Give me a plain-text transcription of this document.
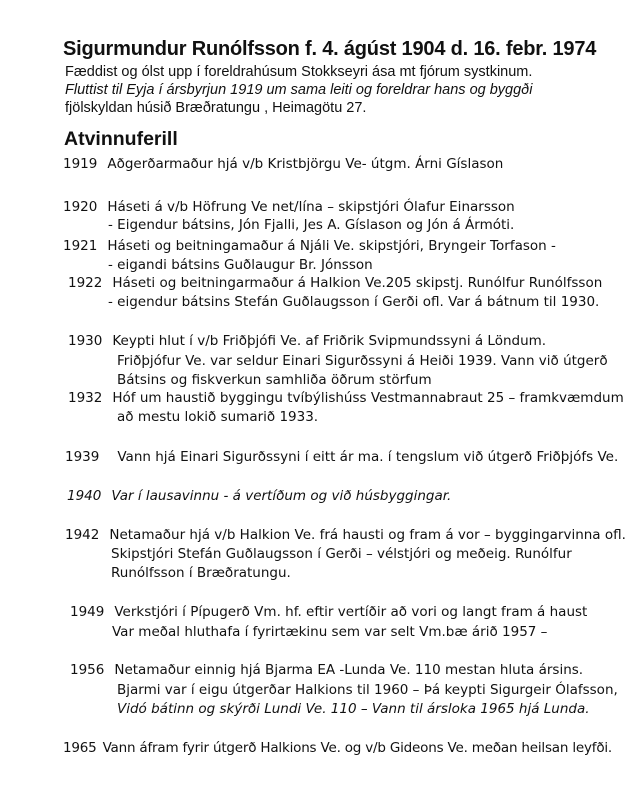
Sigurmundur Runólfsson f. 4. ágúst 1904 d. 16. febr. 1974
Fæddist og ólst upp í foreldrahúsum Stokkseyri ása mt fjórum systkinum.
Fluttist til Eyja í ársbyrjun 1919 um sama leiti og foreldrar hans og byggði
fjölskyldan húsið Bræðratungu , Heimagötu 27.
Atvinnuferill
1919 Aðgerðarmaður hjá v/b Kristbjörgu Ve- útgm. Árni Gíslason
1920 Háseti á v/b Höfrung Ve net/lína – skipstjóri Ólafur Einarsson
- Eigendur bátsins, Jón Fjalli, Jes A. Gíslason og Jón á Ármóti.
1921 Háseti og beitningamaður á Njáli Ve. skipstjóri, Bryngeir Torfason -
- eigandi bátsins Guðlaugur Br. Jónsson
1922 Háseti og beitningarmaður á Halkion Ve.205 skipstj. Runólfur Runólfsson
- eigendur bátsins Stefán Guðlaugsson í Gerði ofl. Var á bátnum til 1930.
1930 Keypti hlut í v/b Friðþjófi Ve. af Friðrik Svipmundssyni á Löndum.
Friðþjófur Ve. var seldur Einari Sigurðssyni á Heiði 1939. Vann við útgerð
Bátsins og fiskverkun samhliða öðrum störfum
1932 Hóf um haustið byggingu tvíbýlishúss Vestmannabraut 25 – framkvæmdum
að mestu lokið sumarið 1933.
1939 Vann hjá Einari Sigurðssyni í eitt ár ma. í tengslum við útgerð Friðþjófs Ve.
1940 Var í lausavinnu - á vertíðum og við húsbyggingar.
1942 Netamaður hjá v/b Halkion Ve. frá hausti og fram á vor – byggingarvinna ofl.
Skipstjóri Stefán Guðlaugsson í Gerði – vélstjóri og meðeig. Runólfur
Runólfsson í Bræðratungu.
1949 Verkstjóri í Pípugerð Vm. hf. eftir vertíðir að vori og langt fram á haust
Var meðal hluthafa í fyrirtækinu sem var selt Vm.bæ árið 1957 –
1956 Netamaður einnig hjá Bjarma EA -Lunda Ve. 110 mestan hluta ársins.
Bjarmi var í eigu útgerðar Halkions til 1960 – Þá keypti Sigurgeir Ólafsson,
Vidó bátinn og skýrði Lundi Ve. 110 – Vann til ársloka 1965 hjá Lunda.
1965 Vann áfram fyrir útgerð Halkions Ve. og v/b Gideons Ve. meðan heilsan leyfði.
